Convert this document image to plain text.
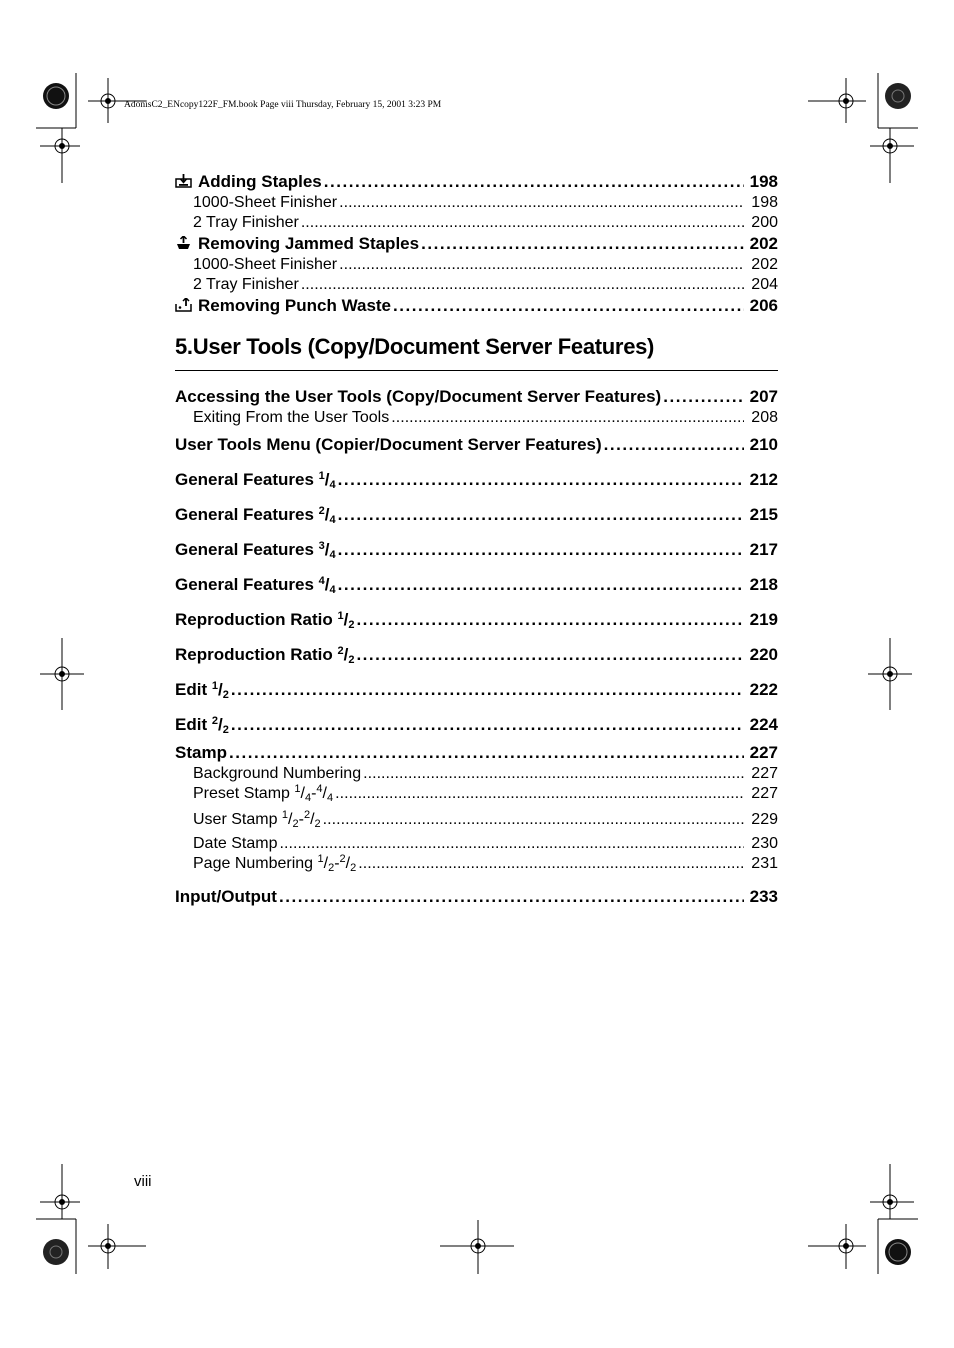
AdonisC2_ENcopy122F_FM.book Page viii Thursday, February 15, 2001 3:23 PM
Adding Staples . . .	198
1000-Sheet Finisher . . .	198
2 Tray Finisher . . .	200
Removing Jammed Staples . . .	202
1000-Sheet Finisher . . .	202
2 Tray Finisher . . .	204
Removing Punch Waste . . .	206
5.User Tools (Copy/Document Server Features)
Accessing the User Tools (Copy/Document Server Features) . . .	207
Exiting From the User Tools . . .	208
User Tools Menu (Copier/Document Server Features) . . .	210
General Features $^1/_4$ . . .	212
General Features $^2/_4$ . . .	215
General Features $^3/_4$ . . .	217
General Features $^4/_4$ . . .	218
Reproduction Ratio $^1/_2$ . . .	219
Reproduction Ratio $^2/_2$ . . .	220
Edit $^1/_2$ . . .	222
Edit $^2/_2$ . . .	224
Stamp . . .	227
Background Numbering . . .	227
Preset Stamp $^1/_4-^4/_4$ . . .	227
User Stamp $^1/_2-^2/_2$ . . .	229
Date Stamp . . .	230
Page Numbering $^1/_2-^2/_2$ . . .	231
Input/Output . . .	233
viii
